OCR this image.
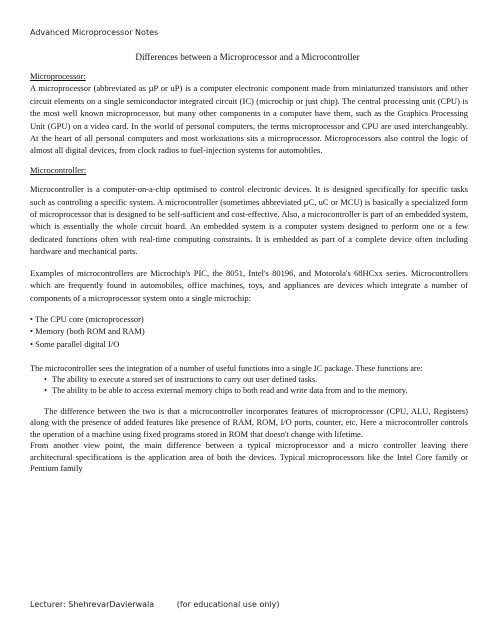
Advanced Microprocessor Notes
Differences between a Microprocessor and a Microcontroller

Microprocessor:

A microprocessor (abbreviated as µP or uP) is a computer electronic component made from miniaturized transistors and other circuit elements on a single semiconductor integrated circuit (IC) (microchip or just chip). The central processing unit (CPU) is the most well known microprocessor, but many other components in a computer have them, such as the Graphics Processing Unit (GPU) on a video card. In the world of personal computers, the terms microprocessor and CPU are used interchangeably. At the heart of all personal computers and most workstations sits a microprocessor. Microprocessors also control the logic of almost all digital devices, from clock radios to fuel-injection systems for automobiles.

Microcontroller:

Microcontroller is a computer-on-a-chip optimised to control electronic devices. It is designed specifically for specific tasks such as controling a specific system. A microcontroller (sometimes abbreviated µC, uC or MCU) is basically a specialized form of microprocessor that is designed to be self-sufficient and cost-effective. Also, a microcontroller is part of an embedded system, which is essentially the whole circuit board. An embedded system is a computer system designed to perform one or a few dedicated functions often with real-time computing constraints. It is embedded as part of a complete device often including hardware and mechanical parts.

Examples of microcontrollers are Microchip's PIC, the 8051, Intel's 80196, and Motorola's 68HCxx series. Microcontrollers which are frequently found in automobiles, office machines, toys, and appliances are devices which integrate a number of components of a microprocessor system onto a single microchip:

• The CPU core (microprocessor)

• Memory (both ROM and RAM)

• Some parallel digital I/O

The microcontroller sees the integration of a number of useful functions into a single IC package. These functions are:

• The ability to execute a stored set of instructions to carry out user defined tasks.
• The ability to be able to access external memory chips to both read and write data from and to the memory.

The difference between the two is that a microcontroller incorporates features of microprocessor (CPU, ALU, Registers) along with the presence of added features like presence of RAM, ROM, I/O ports, counter, etc. Here a microcontroller controls the operation of a machine using fixed programs stored in ROM that doesn't change with lifetime.

From another view point, the main difference between a typical microprocessor and a micro controller leaving there architectural specifications is the application area of both the devices. Typical microprocessors like the Intel Core family or Pentium family

Lecturer: ShehrevarDavierwala	(for educational use only)
